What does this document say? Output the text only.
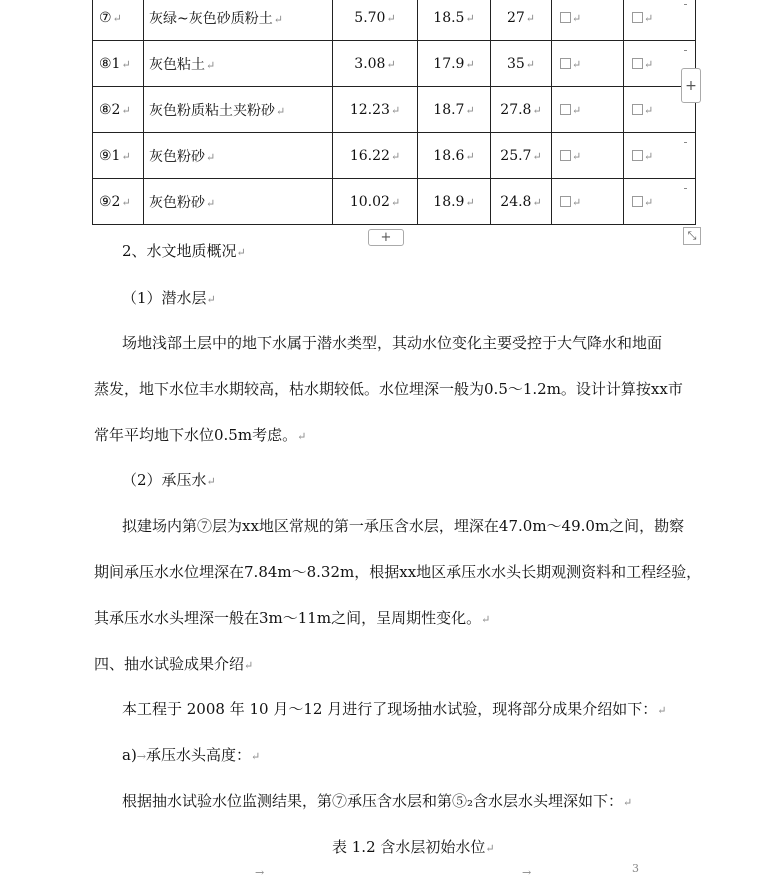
⑦↵	灰绿~灰色砂质粉土↵	5.70↵	18.5↵	27↵	↵	↵
⑧1↵	灰色粘土↵	3.08↵	17.9↵	35↵	↵	↵
⑧2↵	灰色粉质粘土夹粉砂↵	12.23↵	18.7↵	27.8↵	↵	↵
⑨1↵	灰色粉砂↵	16.22↵	18.6↵	25.7↵	↵	↵
⑨2↵	灰色粉砂↵	10.02↵	18.9↵	24.8↵	↵	↵
+
+	⤡
2、水文地质概况↵
（1）潜水层↵
场地浅部土层中的地下水属于潜水类型，其动水位变化主要受控于大气降水和地面
蒸发，地下水位丰水期较高，枯水期较低。水位埋深一般为0.5～1.2m。设计计算按xx市
常年平均地下水位0.5m考虑。↵
（2）承压水↵
拟建场内第⑦层为xx地区常规的第一承压含水层，埋深在47.0m～49.0m之间，勘察
期间承压水水位埋深在7.84m～8.32m，根据xx地区承压水水头长期观测资料和工程经验，
其承压水水头埋深一般在3m～11m之间，呈周期性变化。↵
四、抽水试验成果介绍↵
本工程于 2008 年 10 月～12 月进行了现场抽水试验，现将部分成果介绍如下：↵
a)→承压水头高度：↵
根据抽水试验水位监测结果，第⑦承压含水层和第⑤₂含水层水头埋深如下：↵
表 1.2 含水层初始水位↵
→	→	3
